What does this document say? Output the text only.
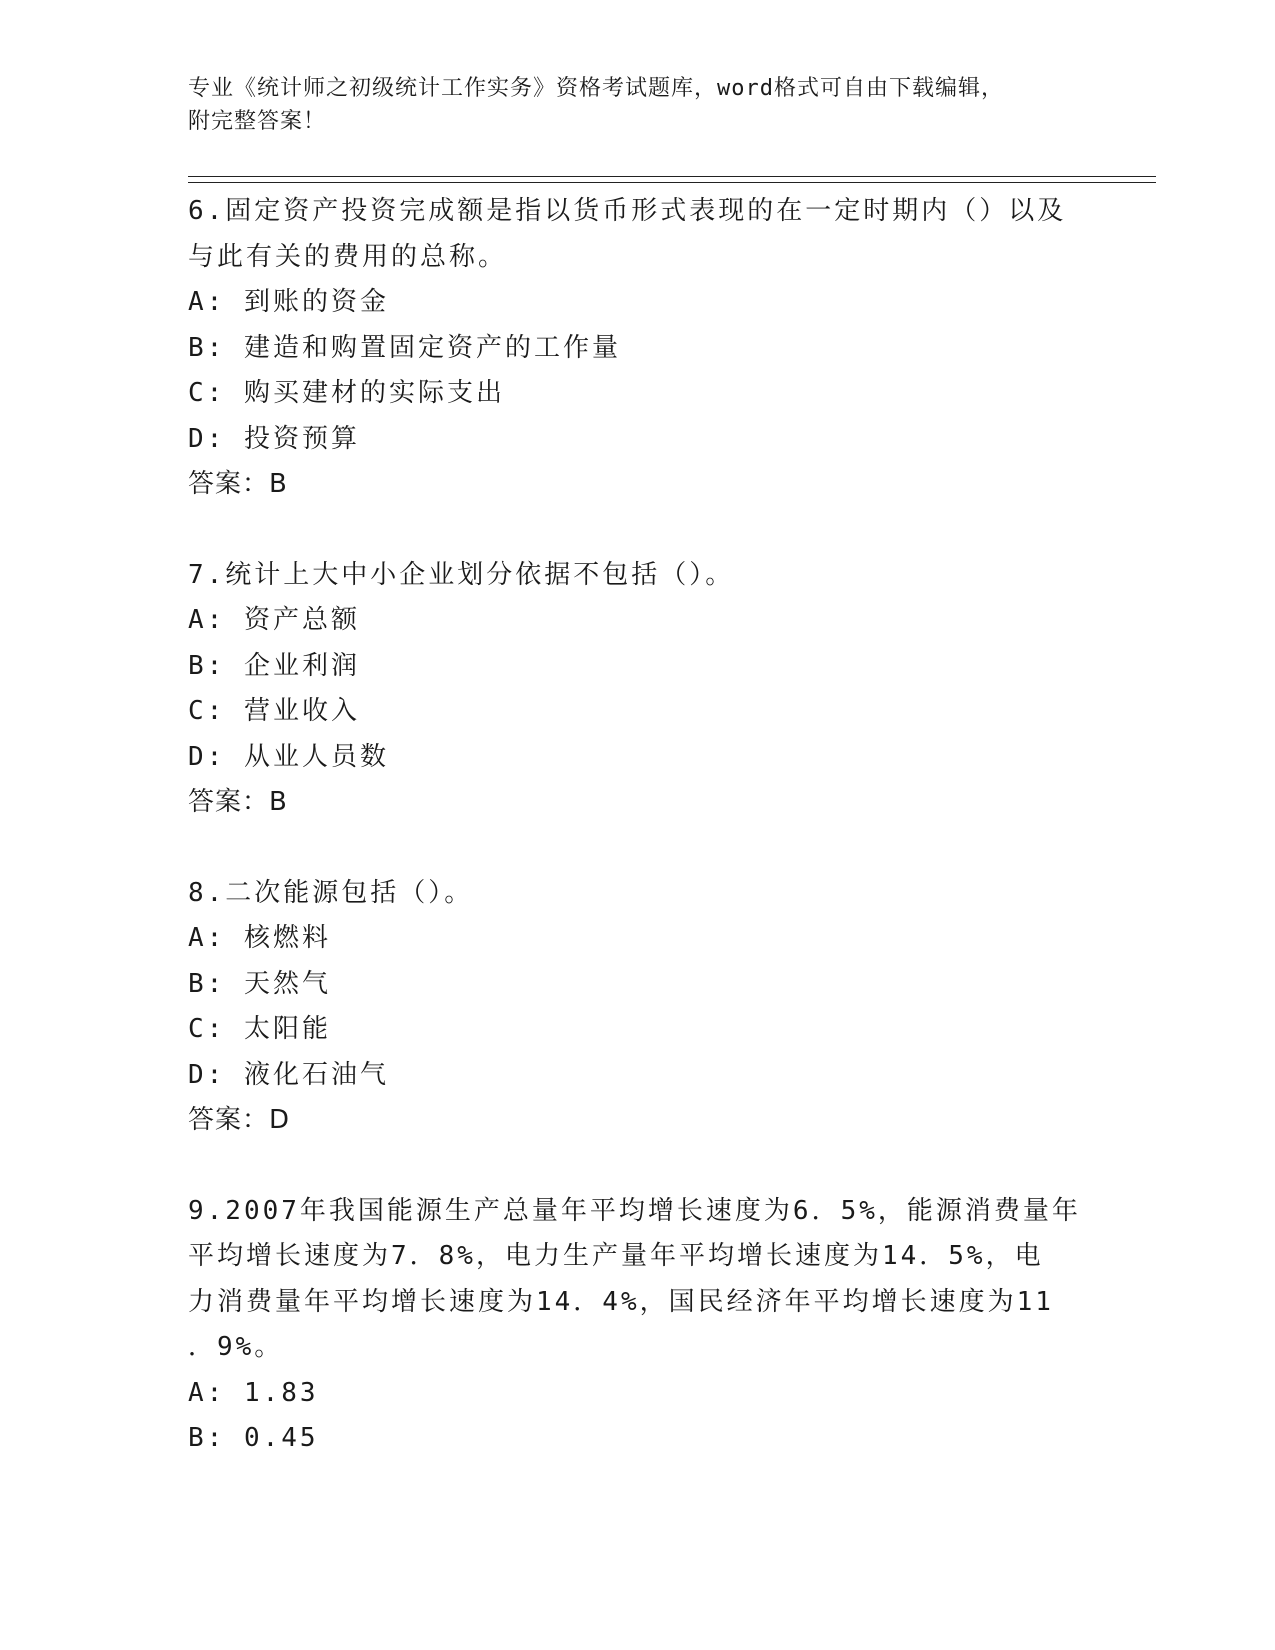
专业《统计师之初级统计工作实务》资格考试题库，word格式可自由下载编辑，
附完整答案！
6.固定资产投资完成额是指以货币形式表现的在一定时期内（）以及
与此有关的费用的总称。
A: 到账的资金
B: 建造和购置固定资产的工作量
C: 购买建材的实际支出
D: 投资预算
答案：B
7.统计上大中小企业划分依据不包括（）。
A: 资产总额
B: 企业利润
C: 营业收入
D: 从业人员数
答案：B
8.二次能源包括（）。
A: 核燃料
B: 天然气
C: 太阳能
D: 液化石油气
答案：D
9.2007年我国能源生产总量年平均增长速度为6．5%，能源消费量年
平均增长速度为7．8%，电力生产量年平均增长速度为14．5%，电
力消费量年平均增长速度为14．4%，国民经济年平均增长速度为11
．9%。
A: 1.83
B: 0.45
